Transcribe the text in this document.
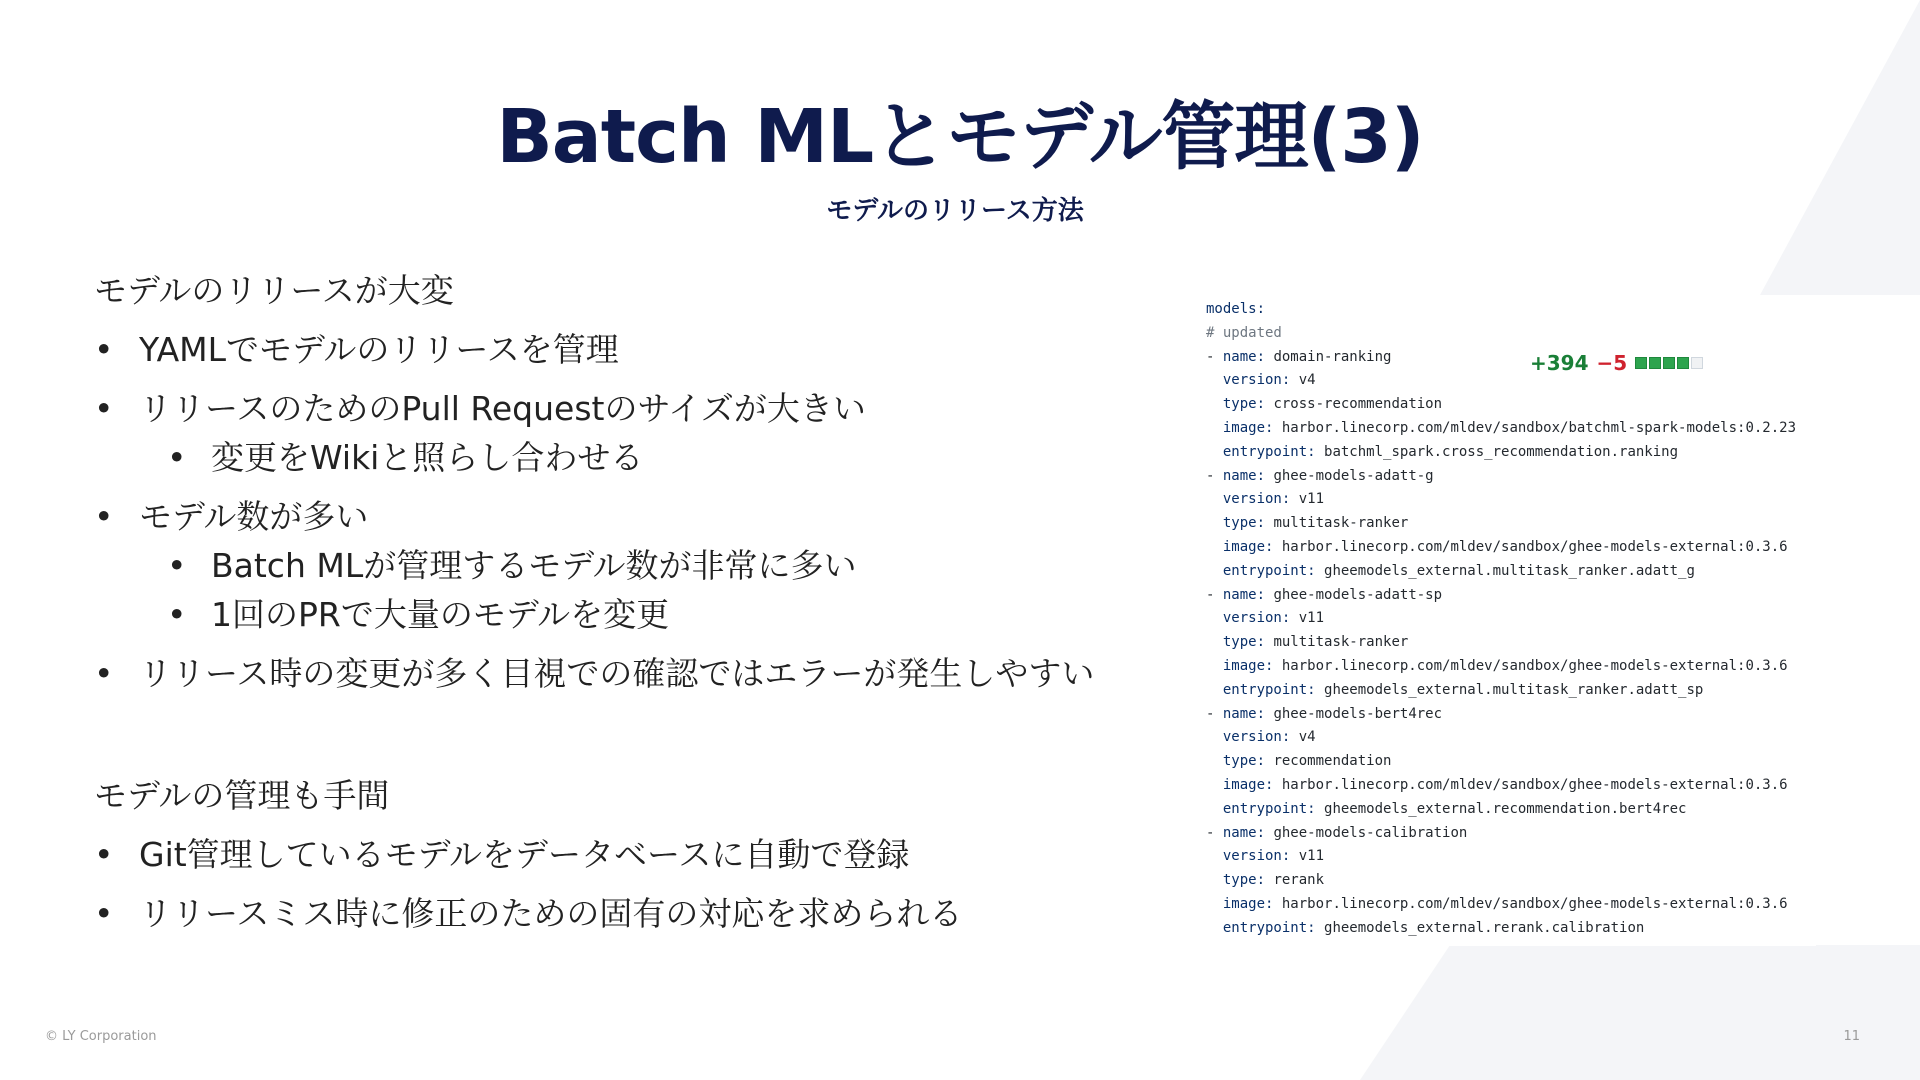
Batch MLとモデル管理(3)
モデルのリリース方法

モデルのリリースが大変

• YAMLでモデルのリリースを管理
• リリースのためのPull Requestのサイズが大きい
• 変更をWikiと照らし合わせる
• モデル数が多い
• Batch MLが管理するモデル数が非常に多い
• 1回のPRで大量のモデルを変更
• リリース時の変更が多く目視での確認ではエラーが発生しやすい

モデルの管理も手間

• Git管理しているモデルをデータベースに自動で登録
• リリースミス時に修正のための固有の対応を求められる
models:
# updated
- name: domain-ranking
version: v4
type: cross-recommendation
image: harbor.linecorp.com/mldev/sandbox/batchml-spark-models:0.2.23
entrypoint: batchml_spark.cross_recommendation.ranking
- name: ghee-models-adatt-g
version: v11
type: multitask-ranker
image: harbor.linecorp.com/mldev/sandbox/ghee-models-external:0.3.6
entrypoint: gheemodels_external.multitask_ranker.adatt_g
- name: ghee-models-adatt-sp
version: v11
type: multitask-ranker
image: harbor.linecorp.com/mldev/sandbox/ghee-models-external:0.3.6
entrypoint: gheemodels_external.multitask_ranker.adatt_sp
- name: ghee-models-bert4rec
version: v4
type: recommendation
image: harbor.linecorp.com/mldev/sandbox/ghee-models-external:0.3.6
entrypoint: gheemodels_external.recommendation.bert4rec
- name: ghee-models-calibration
version: v11
type: rerank
image: harbor.linecorp.com/mldev/sandbox/ghee-models-external:0.3.6
entrypoint: gheemodels_external.rerank.calibration
+394 −5
© LY Corporation	11
